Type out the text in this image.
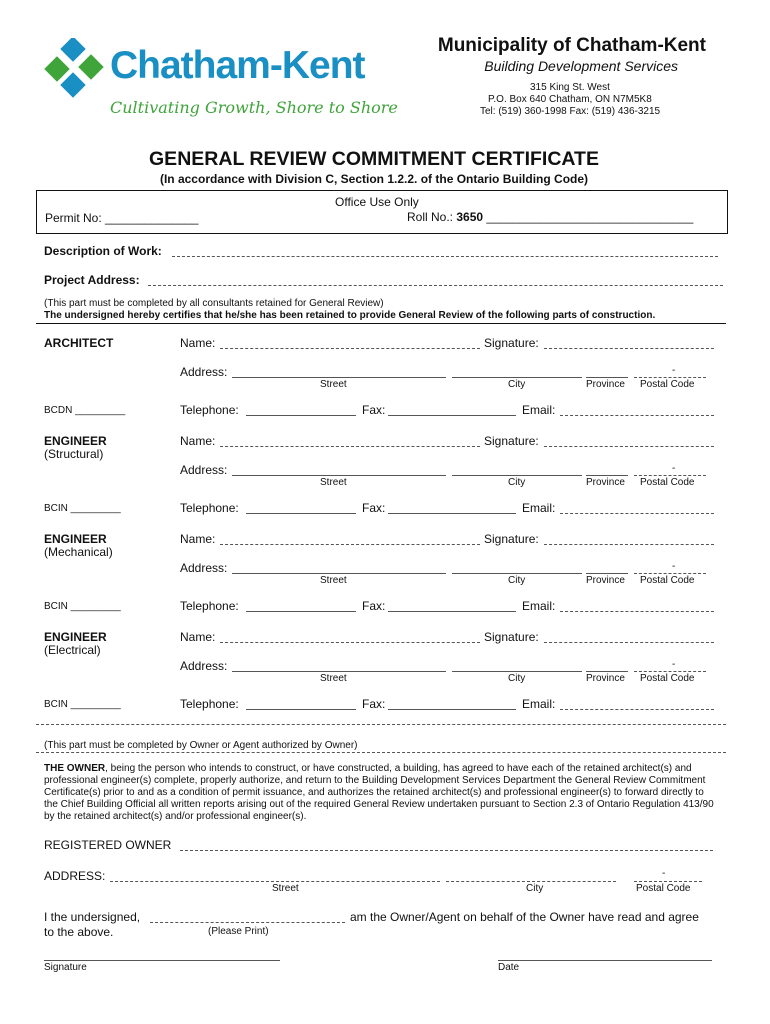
Chatham-Kent
Cultivating Growth, Shore to Shore
Municipality of Chatham-Kent
Building Development Services
315 King St. West
P.O. Box 640 Chatham, ON N7M5K8
Tel: (519) 360-1998 Fax: (519) 436-3215
GENERAL REVIEW COMMITMENT CERTIFICATE
(In accordance with Division C, Section 1.2.2. of the Ontario Building Code)
Office Use Only
Permit No: ______________	Roll No.: 3650 _______________________________
Description of Work:
Project Address:
(This part must be completed by all consultants retained for General Review)
The undersigned hereby certifies that he/she has been retained to provide General Review of the following parts of construction.
ARCHITECT
BCDN _________
Name:	Signature:
Address:	-
Street	City	Province Postal Code
Telephone:	Fax:	Email:
ENGINEER
(Structural)
BCIN _________
Name:	Signature:
Address:	-
Street	City	Province Postal Code
Telephone:	Fax:	Email:
ENGINEER
(Mechanical)
BCIN _________
Name:	Signature:
Address:	-
Street	City	Province Postal Code
Telephone:	Fax:	Email:
ENGINEER
(Electrical)
BCIN _________
Name:	Signature:
Address:	-
Street	City	Province Postal Code
Telephone:	Fax:	Email:
(This part must be completed by Owner or Agent authorized by Owner)
THE OWNER, being the person who intends to construct, or have constructed, a building, has agreed to have each of the retained architect(s) and professional engineer(s) complete, properly authorize, and return to the Building Development Services Department the General Review Commitment Certificate(s) prior to and as a condition of permit issuance, and authorizes the retained architect(s) and professional engineer(s) to forward directly to the Chief Building Official all written reports arising out of the required General Review undertaken pursuant to Section 2.3 of Ontario Regulation 413/90 by the retained architect(s) and/or professional engineer(s).
REGISTERED OWNER
ADDRESS:	-
Street	City	Postal Code
I the undersigned,	am the Owner/Agent on behalf of the Owner have read and agree
to the above.	(Please Print)
Signature	Date
